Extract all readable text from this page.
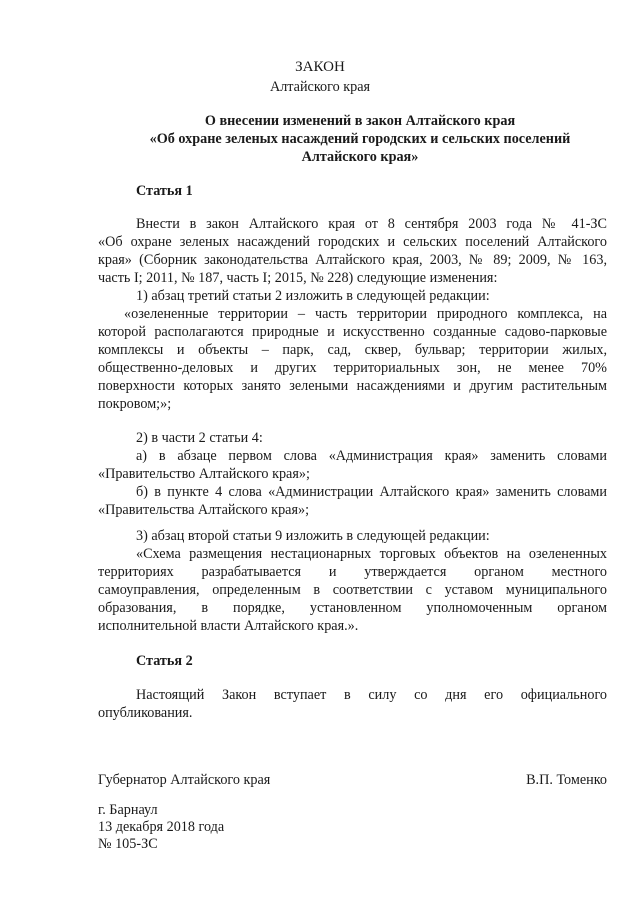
ЗАКОН
Алтайского края
О внесении изменений в закон Алтайского края
«Об охране зеленых насаждений городских и сельских поселений
Алтайского края»
Статья 1
Внести в закон Алтайского края от 8 сентября 2003 года № 41-ЗС
«Об охране зеленых насаждений городских и сельских поселений Алтайского
края» (Сборник законодательства Алтайского края, 2003, № 89; 2009, № 163,
часть I; 2011, № 187, часть I; 2015, № 228) следующие изменения:
1) абзац третий статьи 2 изложить в следующей редакции:
«озелененные территории – часть территории природного комплекса, на
которой располагаются природные и искусственно созданные садово-парковые
комплексы и объекты – парк, сад, сквер, бульвар; территории жилых,
общественно-деловых и других территориальных зон, не менее 70%
поверхности которых занято зелеными насаждениями и другим растительным
покровом;»;
2) в части 2 статьи 4:
а) в абзаце первом слова «Администрация края» заменить словами
«Правительство Алтайского края»;
б) в пункте 4 слова «Администрации Алтайского края» заменить словами
«Правительства Алтайского края»;
3) абзац второй статьи 9 изложить в следующей редакции:
«Схема размещения нестационарных торговых объектов на озелененных
территориях разрабатывается и утверждается органом местного
самоуправления, определенным в соответствии с уставом муниципального
образования, в порядке, установленном уполномоченным органом
исполнительной власти Алтайского края.».
Статья 2
Настоящий Закон вступает в силу со дня его официального
опубликования.
Губернатор Алтайского края	В.П. Томенко
г. Барнаул
13 декабря 2018 года
№ 105-ЗС
